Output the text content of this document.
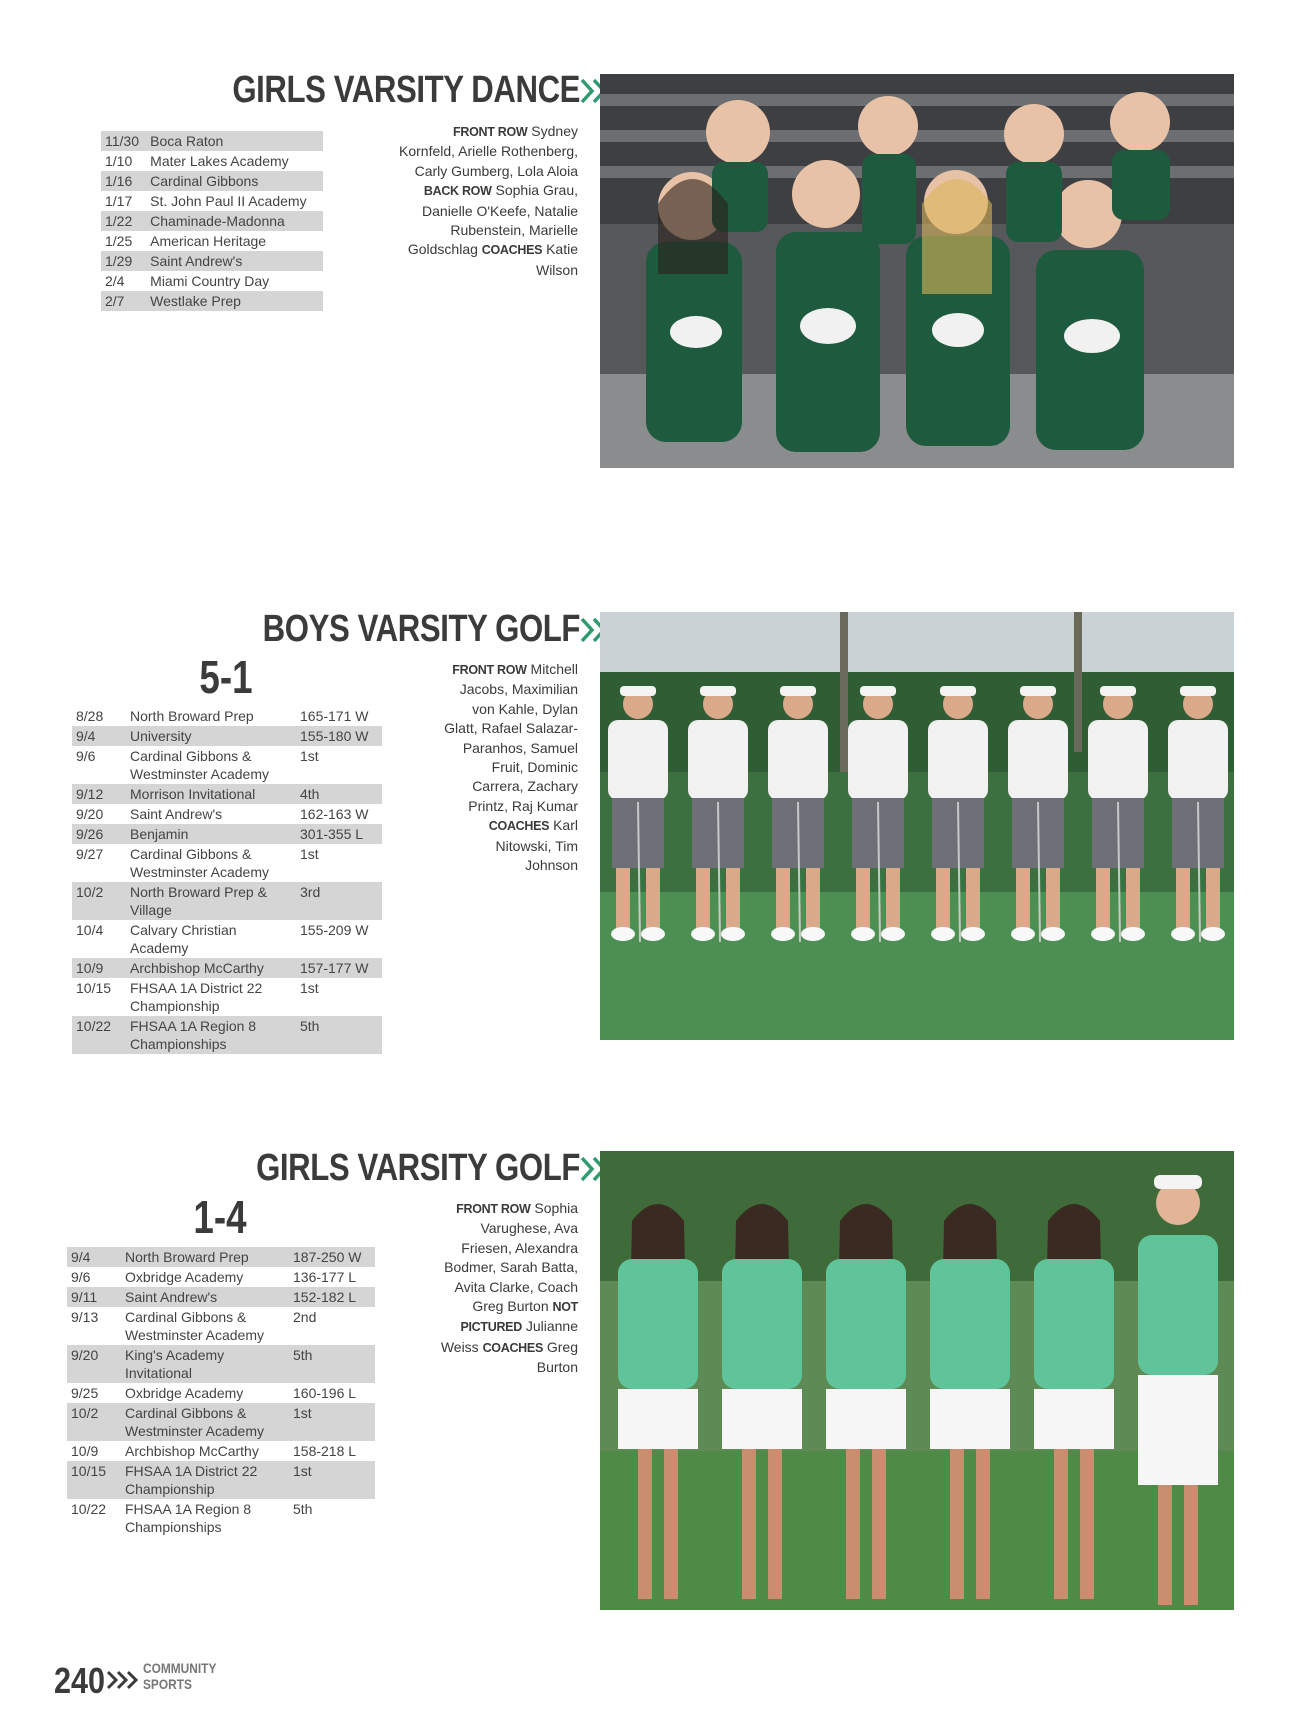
GIRLS VARSITY DANCE
11/30	Boca Raton
1/10	Mater Lakes Academy
1/16	Cardinal Gibbons
1/17	St. John Paul II Academy
1/22	Chaminade-Madonna
1/25	American Heritage
1/29	Saint Andrew's
2/4	Miami Country Day
2/7	Westlake Prep
FRONT ROW Sydney Kornfeld, Arielle Rothenberg, Carly Gumberg, Lola Aloia BACK ROW Sophia Grau, Danielle O'Keefe, Natalie Rubenstein, Marielle Goldschlag COACHES Katie Wilson
BOYS VARSITY GOLF
5-1
8/28	North Broward Prep	165-171 W
9/4	University	155-180 W
9/6	Cardinal Gibbons & Westminster Academy	1st
9/12	Morrison Invitational	4th
9/20	Saint Andrew's	162-163 W
9/26	Benjamin	301-355 L
9/27	Cardinal Gibbons & Westminster Academy	1st
10/2	North Broward Prep & Village	3rd
10/4	Calvary Christian Academy	155-209 W
10/9	Archbishop McCarthy	157-177 W
10/15	FHSAA 1A District 22 Championship	1st
10/22	FHSAA 1A Region 8 Championships	5th
FRONT ROW Mitchell Jacobs, Maximilian von Kahle, Dylan Glatt, Rafael Salazar-Paranhos, Samuel Fruit, Dominic Carrera, Zachary Printz, Raj Kumar COACHES Karl Nitowski, Tim Johnson
GIRLS VARSITY GOLF
1-4
9/4	North Broward Prep	187-250 W
9/6	Oxbridge Academy	136-177 L
9/11	Saint Andrew's	152-182 L
9/13	Cardinal Gibbons & Westminster Academy	2nd
9/20	King's Academy Invitational	5th
9/25	Oxbridge Academy	160-196 L
10/2	Cardinal Gibbons & Westminster Academy	1st
10/9	Archbishop McCarthy	158-218 L
10/15	FHSAA 1A District 22 Championship	1st
10/22	FHSAA 1A Region 8 Championships	5th
FRONT ROW Sophia Varughese, Ava Friesen, Alexandra Bodmer, Sarah Batta, Avita Clarke, Coach Greg Burton NOT PICTURED Julianne Weiss COACHES Greg Burton
240	COMMUNITY
SPORTS
